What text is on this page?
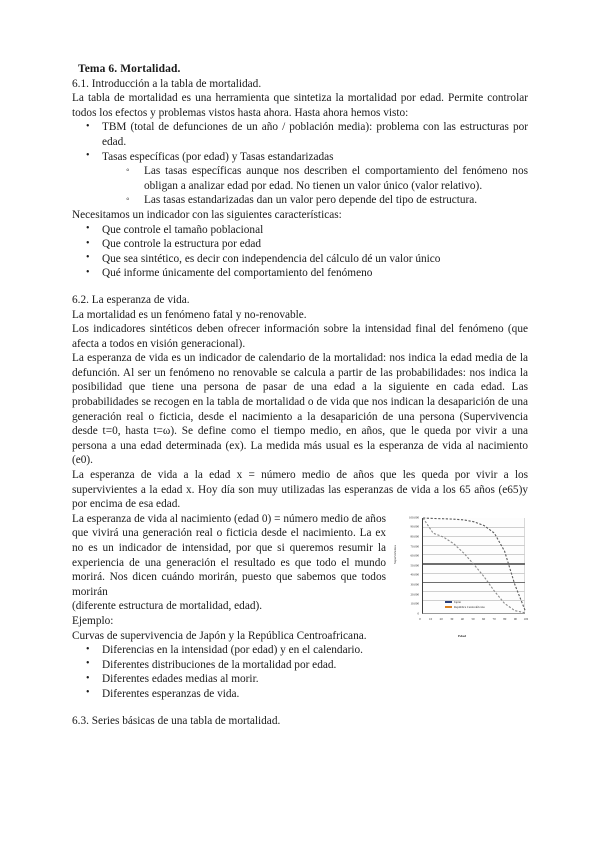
Tema 6. Mortalidad.

6.1. Introducción a la tabla de mortalidad.

La tabla de mortalidad es una herramienta que sintetiza la mortalidad por edad. Permite controlar todos los efectos y problemas vistos hasta ahora. Hasta ahora hemos visto:

• TBM (total de defunciones de un año / población media): problema con las estructuras por edad.
• Tasas específicas (por edad) y Tasas estandarizadas
◦ Las tasas específicas aunque nos describen el comportamiento del fenómeno nos obligan a analizar edad por edad. No tienen un valor único (valor relativo).
◦ Las tasas estandarizadas dan un valor pero depende del tipo de estructura.

Necesitamos un indicador con las siguientes características:

• Que controle el tamaño poblacional
• Que controle la estructura por edad
• Que sea sintético, es decir con independencia del cálculo dé un valor único
• Qué informe únicamente del comportamiento del fenómeno

6.2. La esperanza de vida.

La mortalidad es un fenómeno fatal y no-renovable.

Los indicadores sintéticos deben ofrecer información sobre la intensidad final del fenómeno (que afecta a todos en visión generacional).

La esperanza de vida es un indicador de calendario de la mortalidad: nos indica la edad media de la defunción. Al ser un fenómeno no renovable se calcula a partir de las probabilidades: nos indica la posibilidad que tiene una persona de pasar de una edad a la siguiente en cada edad. Las probabilidades se recogen en la tabla de mortalidad o de vida que nos indican la desaparición de una generación real o ficticia, desde el nacimiento a la desaparición de una persona (Supervivencia desde t=0, hasta t=ω). Se define como el tiempo medio, en años, que le queda por vivir a una persona a una edad determinada (ex). La medida más usual es la esperanza de vida al nacimiento (e0).

La esperanza de vida a la edad x = número medio de años que les queda por vivir a los supervivientes a la edad x. Hoy día son muy utilizadas las esperanzas de vida a los 65 años (e65)y por encima de esa edad.

100.000
90.000
80.000
70.000
60.000
50.000
40.000
30.000
20.000
10.000
0
Supervivientes
Japón
República Centroafricana
0	10 20 30 40 50 60 70 80 90 100
Edad

La esperanza de vida al nacimiento (edad 0) = número medio de años que vivirá una generación real o ficticia desde el nacimiento. La ex no es un indicador de intensidad, por que si queremos resumir la experiencia de una generación el resultado es que todo el mundo morirá. Nos dicen cuándo morirán, puesto que sabemos que todos morirán

(diferente estructura de mortalidad, edad).

Ejemplo:

Curvas de supervivencia de Japón y la República Centroafricana.

• Diferencias en la intensidad (por edad) y en el calendario.
• Diferentes distribuciones de la mortalidad por edad.
• Diferentes edades medias al morir.
• Diferentes esperanzas de vida.

6.3. Series básicas de una tabla de mortalidad.
